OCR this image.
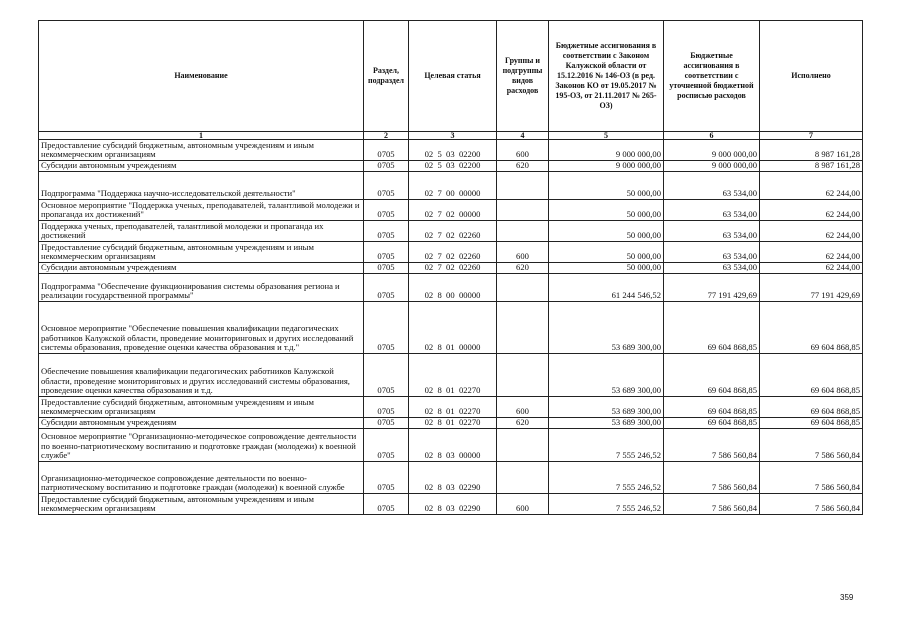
Наименование	Раздел, подраздел	Целевая статья	Группы и подгруппы видов расходов	Бюджетные ассигнования в соответствии с Законом Калужской области от 15.12.2016 № 146-ОЗ (в ред. Законов КО от 19.05.2017 № 195-ОЗ, от 21.11.2017 № 265-ОЗ)	Бюджетные ассигнования в соответствии с уточненной бюджетной росписью расходов	Исполнено
1	2	3	4	5	6	7
Предоставление субсидий бюджетным, автономным учреждениям и иным некоммерческим организациям	0705	02  5  03  02200	600	9 000 000,00	9 000 000,00	8 987 161,28
Субсидии автономным учреждениям	0705	02  5  03  02200	620	9 000 000,00	9 000 000,00	8 987 161,28
Подпрограмма "Поддержка научно-исследовательской деятельности"	0705	02  7  00  00000		50 000,00	63 534,00	62 244,00
Основное мероприятие "Поддержка ученых, преподавателей, талантливой молодежи и пропаганда их достижений"	0705	02  7  02  00000		50 000,00	63 534,00	62 244,00
Поддержка ученых, преподавателей, талантливой молодежи и пропаганда их достижений	0705	02  7  02  02260		50 000,00	63 534,00	62 244,00
Предоставление субсидий бюджетным, автономным учреждениям и иным некоммерческим организациям	0705	02  7  02  02260	600	50 000,00	63 534,00	62 244,00
Субсидии автономным учреждениям	0705	02  7  02  02260	620	50 000,00	63 534,00	62 244,00
Подпрограмма "Обеспечение функционирования системы образования региона и реализации государственной программы"	0705	02  8  00  00000		61 244 546,52	77 191 429,69	77 191 429,69
Основное мероприятие "Обеспечение повышения квалификации педагогических работников Калужской области, проведение мониторинговых и других исследований системы образования, проведение оценки качества образования и т.д."	0705	02  8  01  00000		53 689 300,00	69 604 868,85	69 604 868,85
Обеспечение повышения квалификации педагогических работников Калужской области, проведение мониторинговых и других исследований системы образования, проведение оценки качества образования и т.д.	0705	02  8  01  02270		53 689 300,00	69 604 868,85	69 604 868,85
Предоставление субсидий бюджетным, автономным учреждениям и иным некоммерческим организациям	0705	02  8  01  02270	600	53 689 300,00	69 604 868,85	69 604 868,85
Субсидии автономным учреждениям	0705	02  8  01  02270	620	53 689 300,00	69 604 868,85	69 604 868,85
Основное мероприятие "Организационно-методическое сопровождение деятельности по военно-патриотическому воспитанию и подготовке граждан (молодежи) к военной службе"	0705	02  8  03  00000		7 555 246,52	7 586 560,84	7 586 560,84
Организационно-методическое сопровождение деятельности по военно-патриотическому воспитанию и подготовке граждан (молодежи) к военной службе	0705	02  8  03  02290		7 555 246,52	7 586 560,84	7 586 560,84
Предоставление субсидий бюджетным, автономным учреждениям и иным некоммерческим организациям	0705	02  8  03  02290	600	7 555 246,52	7 586 560,84	7 586 560,84
359
